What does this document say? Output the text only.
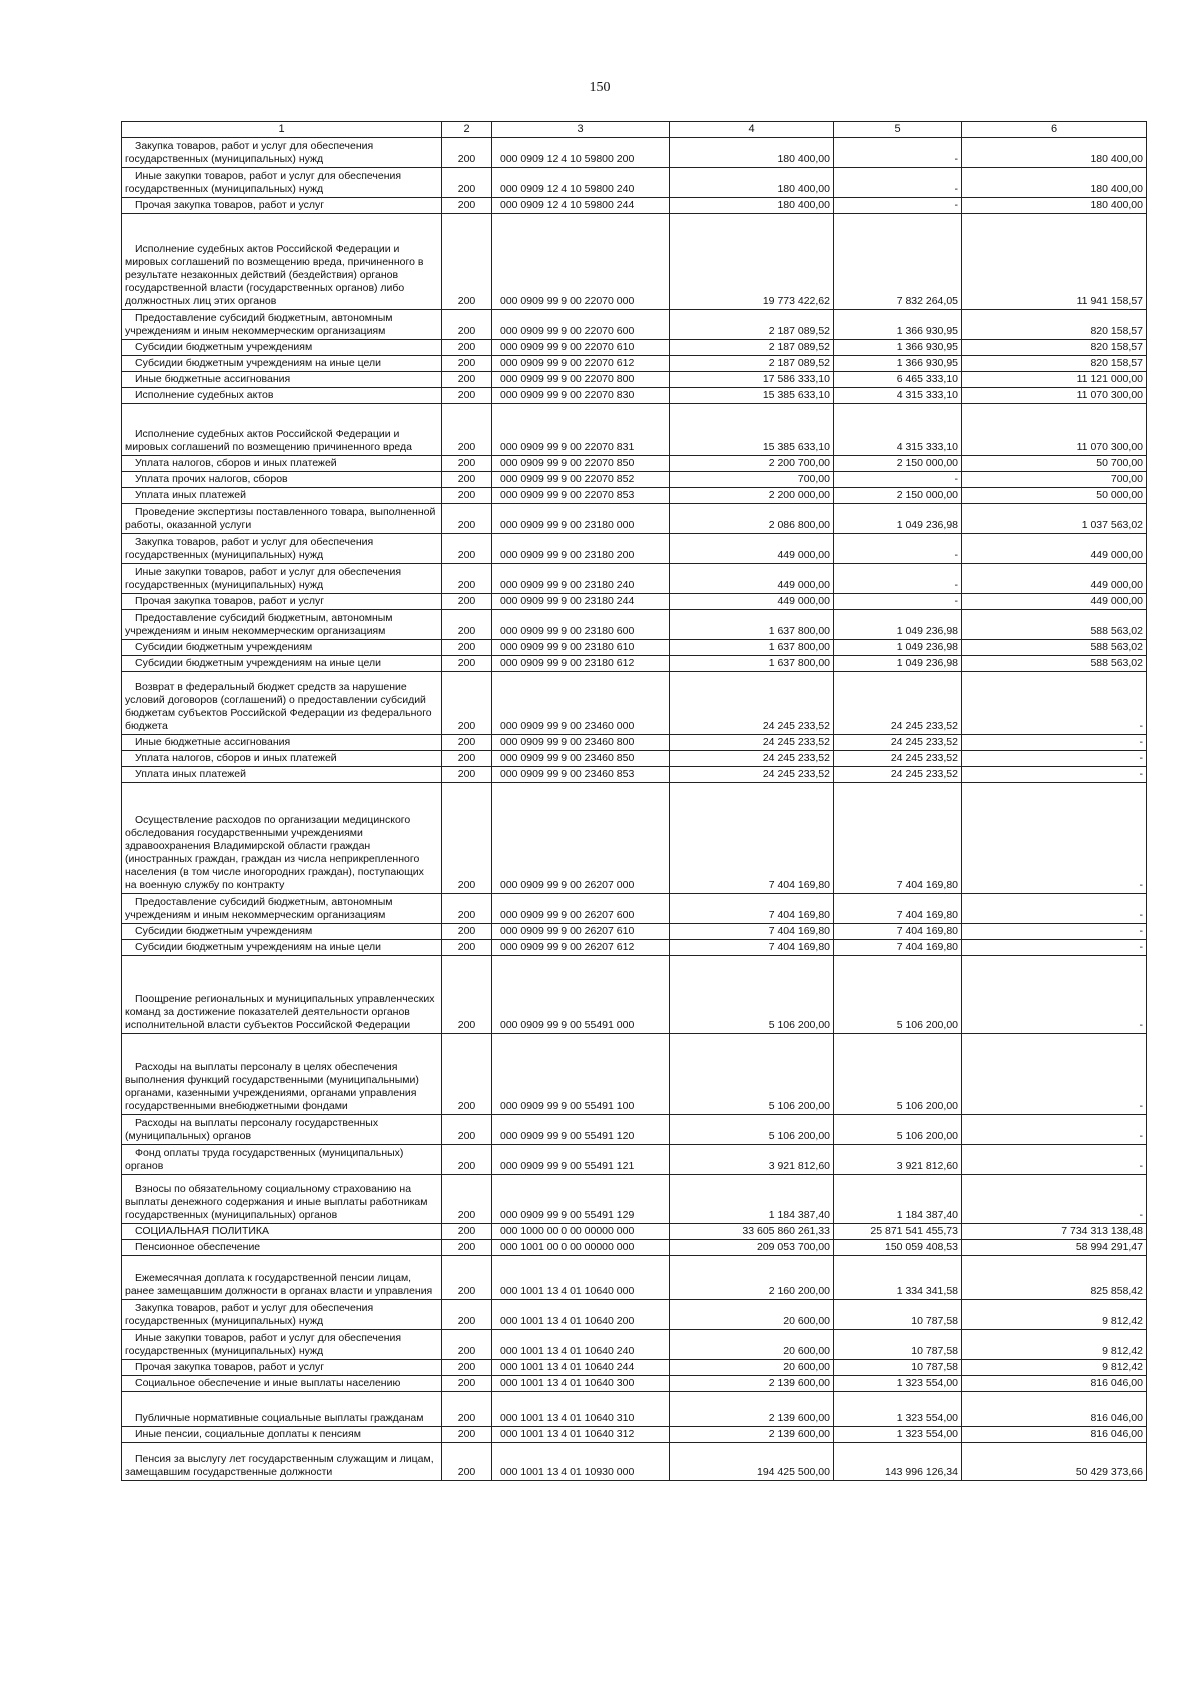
150
1	2	3	4	5	6

Закупка товаров, работ и услуг для обеспечения государственных (муниципальных) нужд	200	000 0909 12 4 10 59800 200	180 400,00	-	180 400,00

Иные закупки товаров, работ и услуг для обеспечения государственных (муниципальных) нужд	200	000 0909 12 4 10 59800 240	180 400,00	-	180 400,00

Прочая закупка товаров, работ и услуг	200	000 0909 12 4 10 59800 244	180 400,00	-	180 400,00

Исполнение судебных актов Российской Федерации и мировых соглашений по возмещению вреда, причиненного в результате незаконных действий (бездействия) органов государственной власти (государственных органов) либо должностных лиц этих органов	200	000 0909 99 9 00 22070 000	19 773 422,62	7 832 264,05	11 941 158,57

Предоставление субсидий бюджетным, автономным учреждениям и иным некоммерческим организациям	200	000 0909 99 9 00 22070 600	2 187 089,52	1 366 930,95	820 158,57

Субсидии бюджетным учреждениям	200	000 0909 99 9 00 22070 610	2 187 089,52	1 366 930,95	820 158,57

Субсидии бюджетным учреждениям на иные цели	200	000 0909 99 9 00 22070 612	2 187 089,52	1 366 930,95	820 158,57

Иные бюджетные ассигнования	200	000 0909 99 9 00 22070 800	17 586 333,10	6 465 333,10	11 121 000,00

Исполнение судебных актов	200	000 0909 99 9 00 22070 830	15 385 633,10	4 315 333,10	11 070 300,00

Исполнение судебных актов Российской Федерации и мировых соглашений по возмещению причиненного вреда	200	000 0909 99 9 00 22070 831	15 385 633,10	4 315 333,10	11 070 300,00

Уплата налогов, сборов и иных платежей	200	000 0909 99 9 00 22070 850	2 200 700,00	2 150 000,00	50 700,00

Уплата прочих налогов, сборов	200	000 0909 99 9 00 22070 852	700,00	-	700,00

Уплата иных платежей	200	000 0909 99 9 00 22070 853	2 200 000,00	2 150 000,00	50 000,00

Проведение экспертизы поставленного товара, выполненной работы, оказанной услуги	200	000 0909 99 9 00 23180 000	2 086 800,00	1 049 236,98	1 037 563,02

Закупка товаров, работ и услуг для обеспечения государственных (муниципальных) нужд	200	000 0909 99 9 00 23180 200	449 000,00	-	449 000,00

Иные закупки товаров, работ и услуг для обеспечения государственных (муниципальных) нужд	200	000 0909 99 9 00 23180 240	449 000,00	-	449 000,00

Прочая закупка товаров, работ и услуг	200	000 0909 99 9 00 23180 244	449 000,00	-	449 000,00

Предоставление субсидий бюджетным, автономным учреждениям и иным некоммерческим организациям	200	000 0909 99 9 00 23180 600	1 637 800,00	1 049 236,98	588 563,02

Субсидии бюджетным учреждениям	200	000 0909 99 9 00 23180 610	1 637 800,00	1 049 236,98	588 563,02

Субсидии бюджетным учреждениям на иные цели	200	000 0909 99 9 00 23180 612	1 637 800,00	1 049 236,98	588 563,02

Возврат в федеральный бюджет средств за нарушение условий договоров (соглашений) о предоставлении субсидий бюджетам субъектов Российской Федерации из федерального бюджета	200	000 0909 99 9 00 23460 000	24 245 233,52	24 245 233,52	-

Иные бюджетные ассигнования	200	000 0909 99 9 00 23460 800	24 245 233,52	24 245 233,52	-

Уплата налогов, сборов и иных платежей	200	000 0909 99 9 00 23460 850	24 245 233,52	24 245 233,52	-

Уплата иных платежей	200	000 0909 99 9 00 23460 853	24 245 233,52	24 245 233,52	-

Осуществление расходов по организации медицинского обследования государственными учреждениями здравоохранения Владимирской области граждан (иностранных граждан, граждан из числа неприкрепленного населения (в том числе иногородних граждан), поступающих на военную службу по контракту	200	000 0909 99 9 00 26207 000	7 404 169,80	7 404 169,80	-

Предоставление субсидий бюджетным, автономным учреждениям и иным некоммерческим организациям	200	000 0909 99 9 00 26207 600	7 404 169,80	7 404 169,80	-

Субсидии бюджетным учреждениям	200	000 0909 99 9 00 26207 610	7 404 169,80	7 404 169,80	-

Субсидии бюджетным учреждениям на иные цели	200	000 0909 99 9 00 26207 612	7 404 169,80	7 404 169,80	-

Поощрение региональных и муниципальных управленческих команд за достижение показателей деятельности органов исполнительной власти субъектов Российской Федерации	200	000 0909 99 9 00 55491 000	5 106 200,00	5 106 200,00	-

Расходы на выплаты персоналу в целях обеспечения выполнения функций государственными (муниципальными) органами, казенными учреждениями, органами управления государственными внебюджетными фондами	200	000 0909 99 9 00 55491 100	5 106 200,00	5 106 200,00	-

Расходы на выплаты персоналу государственных (муниципальных) органов	200	000 0909 99 9 00 55491 120	5 106 200,00	5 106 200,00	-

Фонд оплаты труда государственных (муниципальных) органов	200	000 0909 99 9 00 55491 121	3 921 812,60	3 921 812,60	-

Взносы по обязательному социальному страхованию на выплаты денежного содержания и иные выплаты работникам государственных (муниципальных) органов	200	000 0909 99 9 00 55491 129	1 184 387,40	1 184 387,40	-

СОЦИАЛЬНАЯ ПОЛИТИКА	200	000 1000 00 0 00 00000 000	33 605 860 261,33	25 871 541 455,73	7 734 313 138,48

Пенсионное обеспечение	200	000 1001 00 0 00 00000 000	209 053 700,00	150 059 408,53	58 994 291,47

Ежемесячная доплата к государственной пенсии лицам, ранее замещавшим должности в органах власти и управления	200	000 1001 13 4 01 10640 000	2 160 200,00	1 334 341,58	825 858,42

Закупка товаров, работ и услуг для обеспечения государственных (муниципальных) нужд	200	000 1001 13 4 01 10640 200	20 600,00	10 787,58	9 812,42

Иные закупки товаров, работ и услуг для обеспечения государственных (муниципальных) нужд	200	000 1001 13 4 01 10640 240	20 600,00	10 787,58	9 812,42

Прочая закупка товаров, работ и услуг	200	000 1001 13 4 01 10640 244	20 600,00	10 787,58	9 812,42

Социальное обеспечение и иные выплаты населению	200	000 1001 13 4 01 10640 300	2 139 600,00	1 323 554,00	816 046,00

Публичные нормативные социальные выплаты гражданам	200	000 1001 13 4 01 10640 310	2 139 600,00	1 323 554,00	816 046,00

Иные пенсии, социальные доплаты к пенсиям	200	000 1001 13 4 01 10640 312	2 139 600,00	1 323 554,00	816 046,00

Пенсия за выслугу лет государственным служащим и лицам, замещавшим государственные должности	200	000 1001 13 4 01 10930 000	194 425 500,00	143 996 126,34	50 429 373,66
